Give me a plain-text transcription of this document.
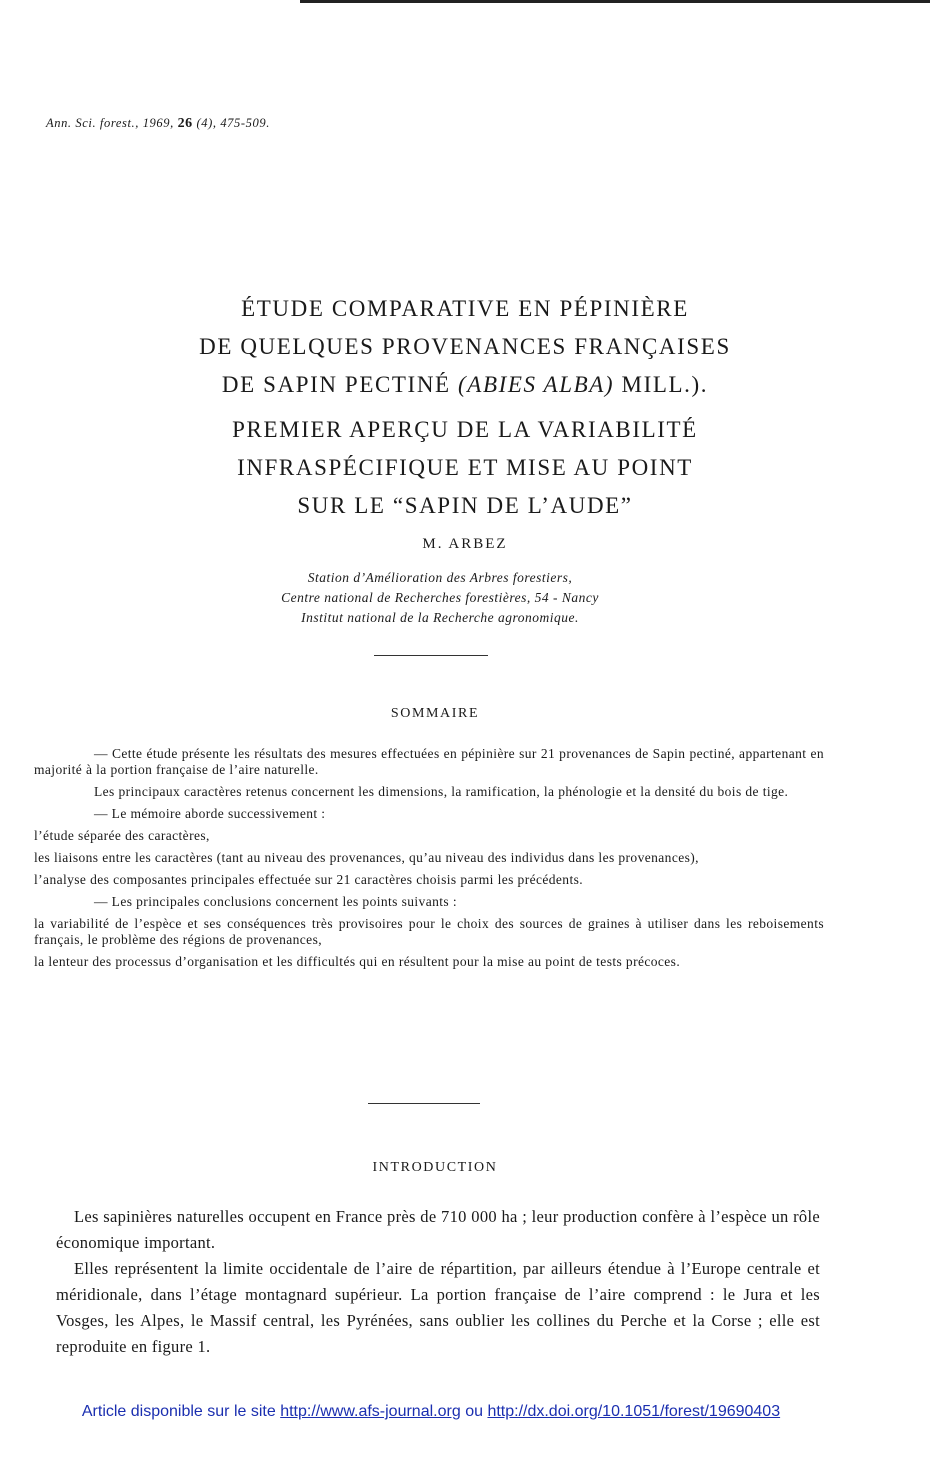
Ann. Sci. forest., 1969, 26 (4), 475-509.
ÉTUDE COMPARATIVE EN PÉPINIÈRE
DE QUELQUES PROVENANCES FRANÇAISES
DE SAPIN PECTINÉ (ABIES ALBA) MILL.).
PREMIER APERÇU DE LA VARIABILITÉ
INFRASPÉCIFIQUE ET MISE AU POINT
SUR LE “SAPIN DE L’AUDE”
M. ARBEZ
Station d’Amélioration des Arbres forestiers,
Centre national de Recherches forestières, 54 - Nancy
Institut national de la Recherche agronomique.
SOMMAIRE

— Cette étude présente les résultats des mesures effectuées en pépinière sur 21 provenances de Sapin pectiné, appartenant en majorité à la portion française de l’aire naturelle.

Les principaux caractères retenus concernent les dimensions, la ramification, la phénologie et la densité du bois de tige.

— Le mémoire aborde successivement :

l’étude séparée des caractères,

les liaisons entre les caractères (tant au niveau des provenances, qu’au niveau des individus dans les provenances),

l’analyse des composantes principales effectuée sur 21 caractères choisis parmi les précédents.

— Les principales conclusions concernent les points suivants :

la variabilité de l’espèce et ses conséquences très provisoires pour le choix des sources de graines à utiliser dans les reboisements français, le problème des régions de provenances,

la lenteur des processus d’organisation et les difficultés qui en résultent pour la mise au point de tests précoces.

INTRODUCTION

Les sapinières naturelles occupent en France près de 710 000 ha ; leur production confère à l’espèce un rôle économique important.

Elles représentent la limite occidentale de l’aire de répartition, par ailleurs étendue à l’Europe centrale et méridionale, dans l’étage montagnard supérieur. La portion française de l’aire comprend : le Jura et les Vosges, les Alpes, le Massif central, les Pyrénées, sans oublier les collines du Perche et la Corse ; elle est reproduite en figure 1.

Article disponible sur le site http://www.afs-journal.org ou http://dx.doi.org/10.1051/forest/19690403
